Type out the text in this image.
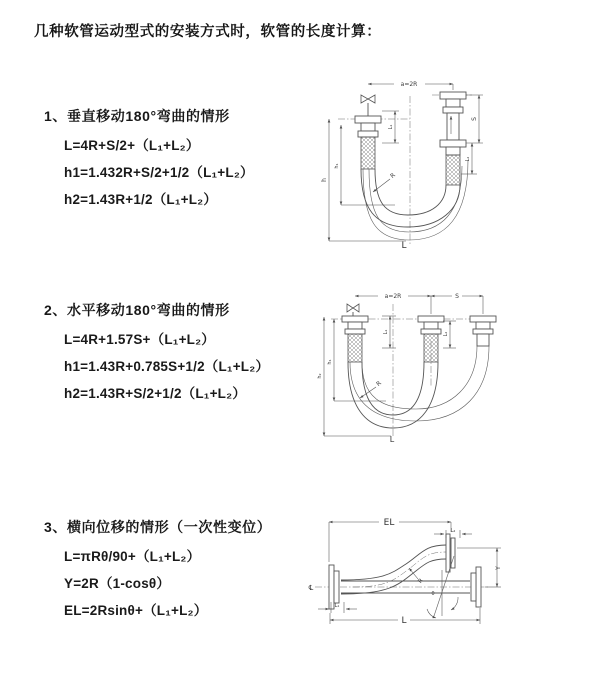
几种软管运动型式的安装方式时，软管的长度计算：
1、垂直移动180°弯曲的情形
L=4R+S/2+（L₁+L₂）
h1=1.432R+S/2+1/2（L₁+L₂）
h2=1.43R+1/2（L₁+L₂）
2、水平移动180°弯曲的情形
L=4R+1.57S+（L₁+L₂）
h1=1.43R+0.785S+1/2（L₁+L₂）
h2=1.43R+S/2+1/2（L₁+L₂）
3、横向位移的情形（一次性变位）
L=πRθ/90+（L₁+L₂）
Y=2R（1-cosθ）
EL=2Rsinθ+（L₁+L₂）
a=2R
h
h₁
L₁
S
L₂
R
L
a=2R	S
h₂
h₁
L₁	L₂
R
L
EL
L₂
Y
θ
R
℄
L₁
L
